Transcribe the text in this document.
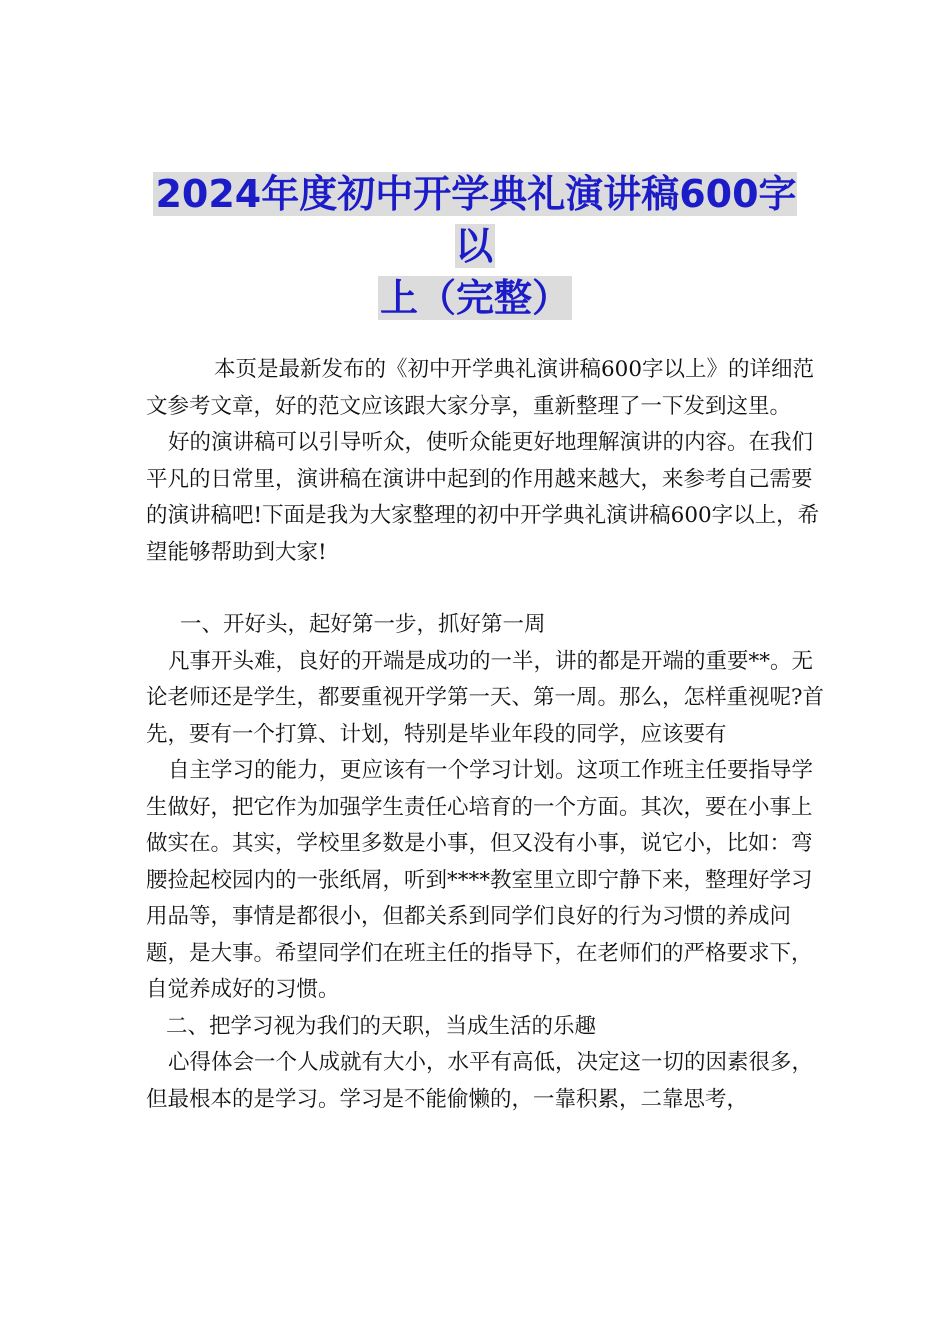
2024年度初中开学典礼演讲稿600字以
上（完整）

本页是最新发布的《初中开学典礼演讲稿600字以上》的详细范文参考文章，好的范文应该跟大家分享，重新整理了一下发到这里。

好的演讲稿可以引导听众，使听众能更好地理解演讲的内容。在我们平凡的日常里，演讲稿在演讲中起到的作用越来越大，来参考自己需要的演讲稿吧!下面是我为大家整理的初中开学典礼演讲稿600字以上，希望能够帮助到大家!

一、开好头，起好第一步，抓好第一周

凡事开头难，良好的开端是成功的一半，讲的都是开端的重要**。无论老师还是学生，都要重视开学第一天、第一周。那么，怎样重视呢?首先，要有一个打算、计划，特别是毕业年段的同学，应该要有

自主学习的能力，更应该有一个学习计划。这项工作班主任要指导学生做好，把它作为加强学生责任心培育的一个方面。其次，要在小事上做实在。其实，学校里多数是小事，但又没有小事，说它小，比如：弯腰捡起校园内的一张纸屑，听到****教室里立即宁静下来，整理好学习用品等，事情是都很小，但都关系到同学们良好的行为习惯的养成问题，是大事。希望同学们在班主任的指导下，在老师们的严格要求下，自觉养成好的习惯。

二、把学习视为我们的天职，当成生活的乐趣

心得体会一个人成就有大小，水平有高低，决定这一切的因素很多，但最根本的是学习。学习是不能偷懒的，一靠积累，二靠思考，
